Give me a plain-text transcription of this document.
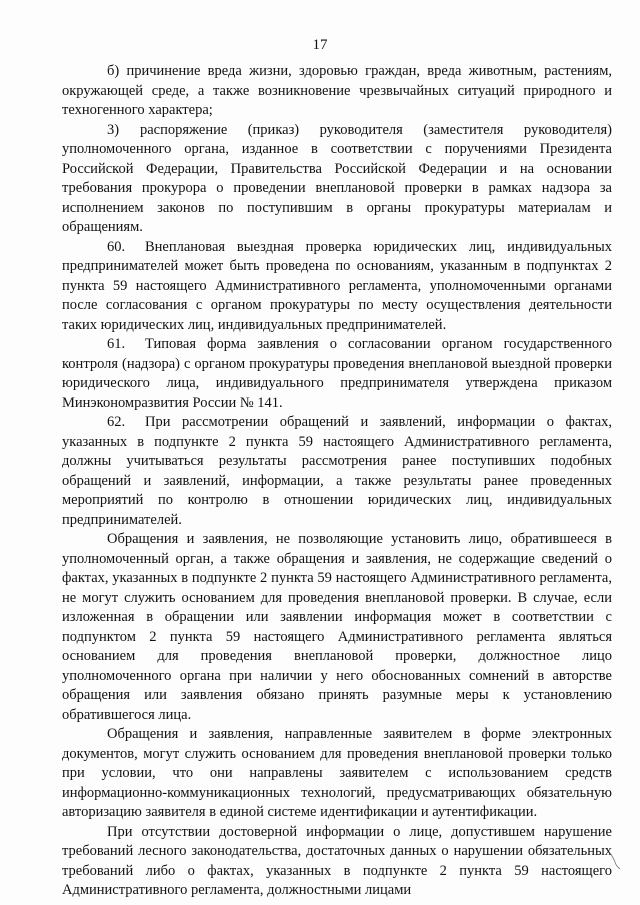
17

б) причинение вреда жизни, здоровью граждан, вреда животным, растениям, окружающей среде, а также возникновение чрезвычайных ситуаций природного и техногенного характера;

3) распоряжение (приказ) руководителя (заместителя руководителя) уполномоченного органа, изданное в соответствии с поручениями Президента Российской Федерации, Правительства Российской Федерации и на основании требования прокурора о проведении внеплановой проверки в рамках надзора за исполнением законов по поступившим в органы прокуратуры материалам и обращениям.

60. Внеплановая выездная проверка юридических лиц, индивидуальных предпринимателей может быть проведена по основаниям, указанным в подпунктах 2 пункта 59 настоящего Административного регламента, уполномоченными органами после согласования с органом прокуратуры по месту осуществления деятельности таких юридических лиц, индивидуальных предпринимателей.

61. Типовая форма заявления о согласовании органом государственного контроля (надзора) с органом прокуратуры проведения внеплановой выездной проверки юридического лица, индивидуального предпринимателя утверждена приказом Минэкономразвития России № 141.

62. При рассмотрении обращений и заявлений, информации о фактах, указанных в подпункте 2 пункта 59 настоящего Административного регламента, должны учитываться результаты рассмотрения ранее поступивших подобных обращений и заявлений, информации, а также результаты ранее проведенных мероприятий по контролю в отношении юридических лиц, индивидуальных предпринимателей.

Обращения и заявления, не позволяющие установить лицо, обратившееся в уполномоченный орган, а также обращения и заявления, не содержащие сведений о фактах, указанных в подпункте 2 пункта 59 настоящего Административного регламента, не могут служить основанием для проведения внеплановой проверки. В случае, если изложенная в обращении или заявлении информация может в соответствии с подпунктом 2 пункта 59 настоящего Административного регламента являться основанием для проведения внеплановой проверки, должностное лицо уполномоченного органа при наличии у него обоснованных сомнений в авторстве обращения или заявления обязано принять разумные меры к установлению обратившегося лица.

Обращения и заявления, направленные заявителем в форме электронных документов, могут служить основанием для проведения внеплановой проверки только при условии, что они направлены заявителем с использованием средств информационно-коммуникационных технологий, предусматривающих обязательную авторизацию заявителя в единой системе идентификации и аутентификации.

При отсутствии достоверной информации о лице, допустившем нарушение требований лесного законодательства, достаточных данных о нарушении обязательных требований либо о фактах, указанных в подпункте 2 пункта 59 настоящего Административного регламента, должностными лицами
